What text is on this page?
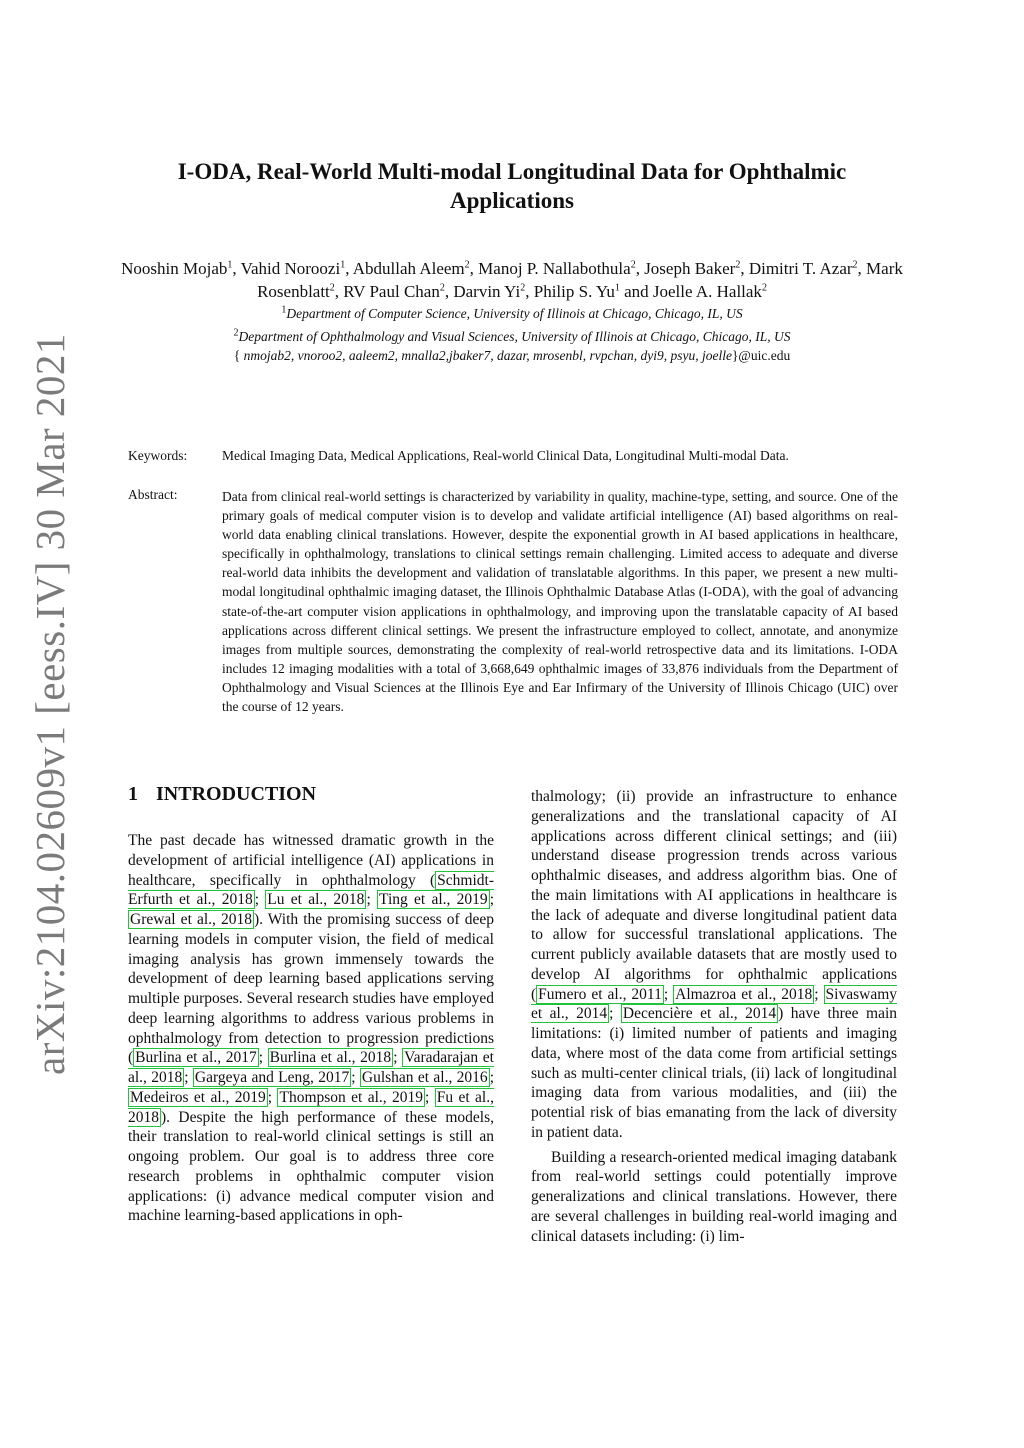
arXiv:2104.02609v1 [eess.IV] 30 Mar 2021
I-ODA, Real-World Multi-modal Longitudinal Data for Ophthalmic
Applications
Nooshin Mojab$^1$, Vahid Noroozi$^1$, Abdullah Aleem$^2$, Manoj P. Nallabothula$^2$, Joseph Baker$^2$, Dimitri T. Azar$^2$, Mark Rosenblatt$^2$, RV Paul Chan$^2$, Darvin Yi$^2$, Philip S. Yu$^1$ and Joelle A. Hallak$^2$
$^1$Department of Computer Science, University of Illinois at Chicago, Chicago, IL, US
$^2$Department of Ophthalmology and Visual Sciences, University of Illinois at Chicago, Chicago, IL, US
{ nmojab2, vnoroo2, aaleem2, mnalla2,jbaker7, dazar, mrosenbl, rvpchan, dyi9, psyu, joelle}@uic.edu
Keywords:	Medical Imaging Data, Medical Applications, Real-world Clinical Data, Longitudinal Multi-modal Data.
Abstract:	Data from clinical real-world settings is characterized by variability in quality, machine-type, setting, and source. One of the primary goals of medical computer vision is to develop and validate artificial intelligence (AI) based algorithms on real-world data enabling clinical translations. However, despite the exponential growth in AI based applications in healthcare, specifically in ophthalmology, translations to clinical settings remain challenging. Limited access to adequate and diverse real-world data inhibits the development and validation of translatable algorithms. In this paper, we present a new multi-modal longitudinal ophthalmic imaging dataset, the Illinois Ophthalmic Database Atlas (I-ODA), with the goal of advancing state-of-the-art computer vision applications in ophthalmology, and improving upon the translatable capacity of AI based applications across different clinical settings. We present the infrastructure employed to collect, annotate, and anonymize images from multiple sources, demonstrating the complexity of real-world retrospective data and its limitations. I-ODA includes 12 imaging modalities with a total of 3,668,649 ophthalmic images of 33,876 individuals from the Department of Ophthalmology and Visual Sciences at the Illinois Eye and Ear Infirmary of the University of Illinois Chicago (UIC) over the course of 12 years.
1 INTRODUCTION

The past decade has witnessed dramatic growth in the development of artificial intelligence (AI) applications in healthcare, specifically in ophthalmology ( Schmidt-Erfurth et al., 2018 ; Lu et al., 2018 ; Ting et al., 2019 ; Grewal et al., 2018 ). With the promising success of deep learning models in computer vision, the field of medical imaging analysis has grown immensely towards the development of deep learning based applications serving multiple purposes. Several research studies have employed deep learning algorithms to address various problems in ophthalmology from detection to progression predictions ( Burlina et al., 2017 ; Burlina et al., 2018 ; Varadarajan et al., 2018 ; Gargeya and Leng, 2017 ; Gulshan et al., 2016 ; Medeiros et al., 2019 ; Thompson et al., 2019 ; Fu et al., 2018 ). Despite the high performance of these models, their translation to real-world clinical settings is still an ongoing problem. Our goal is to address three core research problems in ophthalmic computer vision applications: (i) advance medical computer vision and machine learning-based applications in oph-

thalmology; (ii) provide an infrastructure to enhance generalizations and the translational capacity of AI applications across different clinical settings; and (iii) understand disease progression trends across various ophthalmic diseases, and address algorithm bias. One of the main limitations with AI applications in healthcare is the lack of adequate and diverse longitudinal patient data to allow for successful translational applications. The current publicly available datasets that are mostly used to develop AI algorithms for ophthalmic applications ( Fumero et al., 2011 ; Almazroa et al., 2018 ; Sivaswamy et al., 2014 ; Decencière et al., 2014 ) have three main limitations: (i) limited number of patients and imaging data, where most of the data come from artificial settings such as multi-center clinical trials, (ii) lack of longitudinal imaging data from various modalities, and (iii) the potential risk of bias emanating from the lack of diversity in patient data.

Building a research-oriented medical imaging databank from real-world settings could potentially improve generalizations and clinical translations. However, there are several challenges in building real-world imaging and clinical datasets including: (i) lim-
